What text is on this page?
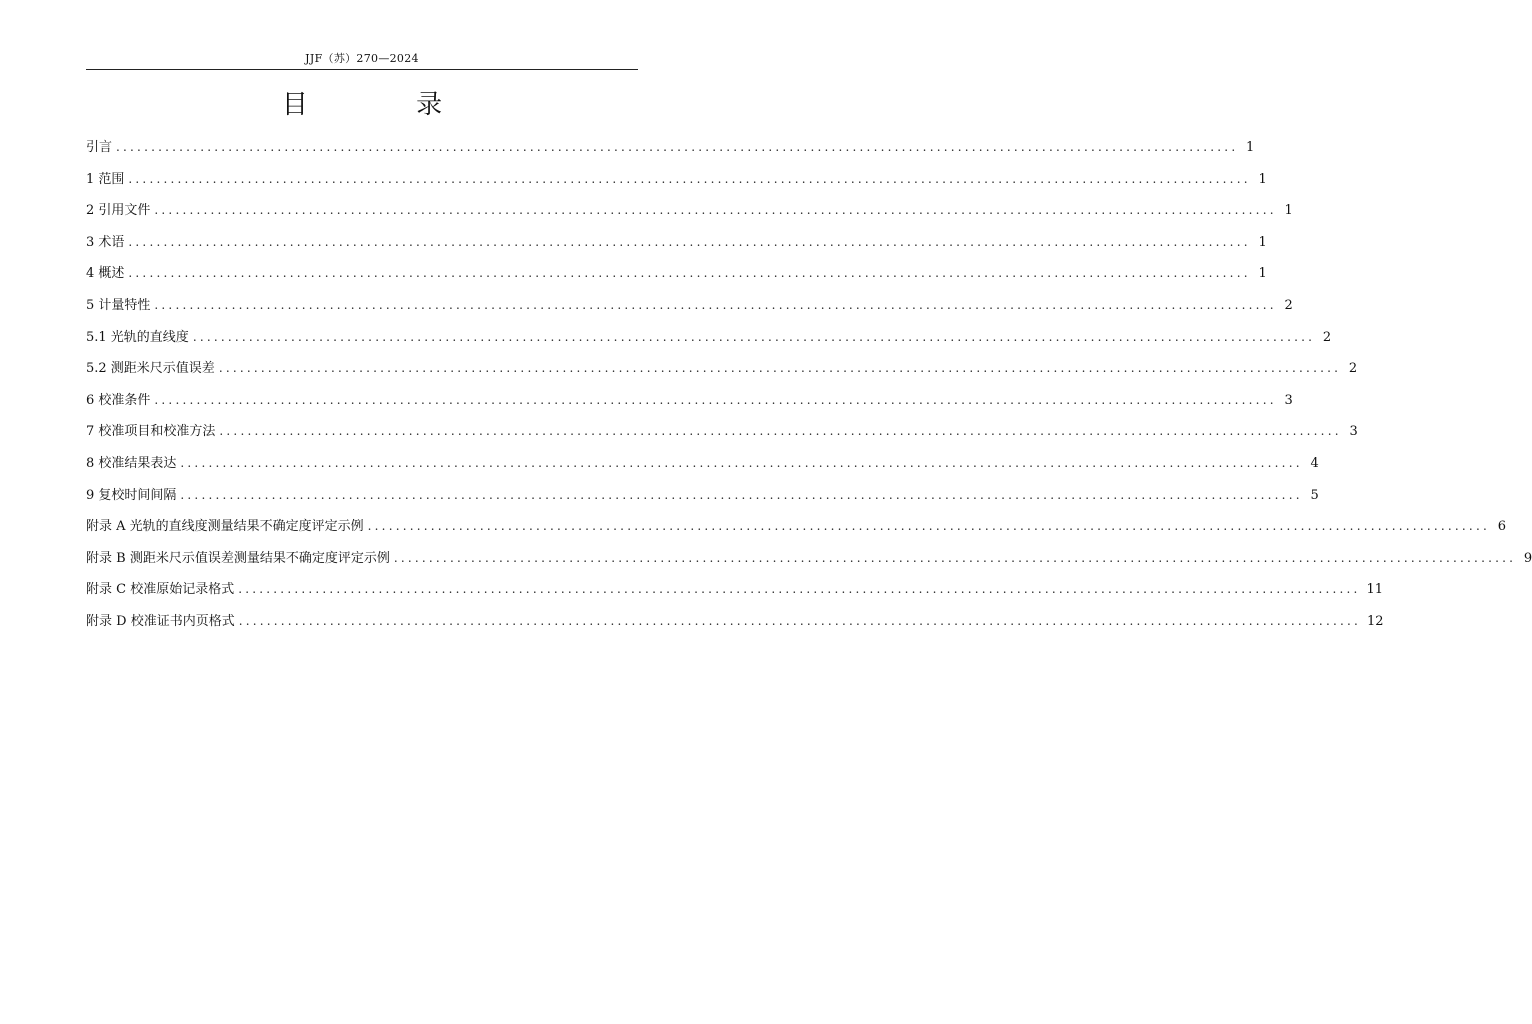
JJF（苏）270—2024
目 录
引言 ................................................................................................................................................................ 1
1 范围 ................................................................................................................................................................ 1
2 引用文件 ................................................................................................................................................................ 1
3 术语 ................................................................................................................................................................ 1
4 概述 ................................................................................................................................................................ 1
5 计量特性 ................................................................................................................................................................ 2
5.1 光轨的直线度 ................................................................................................................................................................ 2
5.2 测距米尺示值误差 ................................................................................................................................................................ 2
6 校准条件 ................................................................................................................................................................ 3
7 校准项目和校准方法 ................................................................................................................................................................ 3
8 校准结果表达 ................................................................................................................................................................ 4
9 复校时间间隔 ................................................................................................................................................................ 5
附录 A 光轨的直线度测量结果不确定度评定示例 ................................................................................................................................................................ 6
附录 B 测距米尺示值误差测量结果不确定度评定示例 ................................................................................................................................................................ 9
附录 C 校准原始记录格式 ................................................................................................................................................................ 11
附录 D 校准证书内页格式 ................................................................................................................................................................ 12
